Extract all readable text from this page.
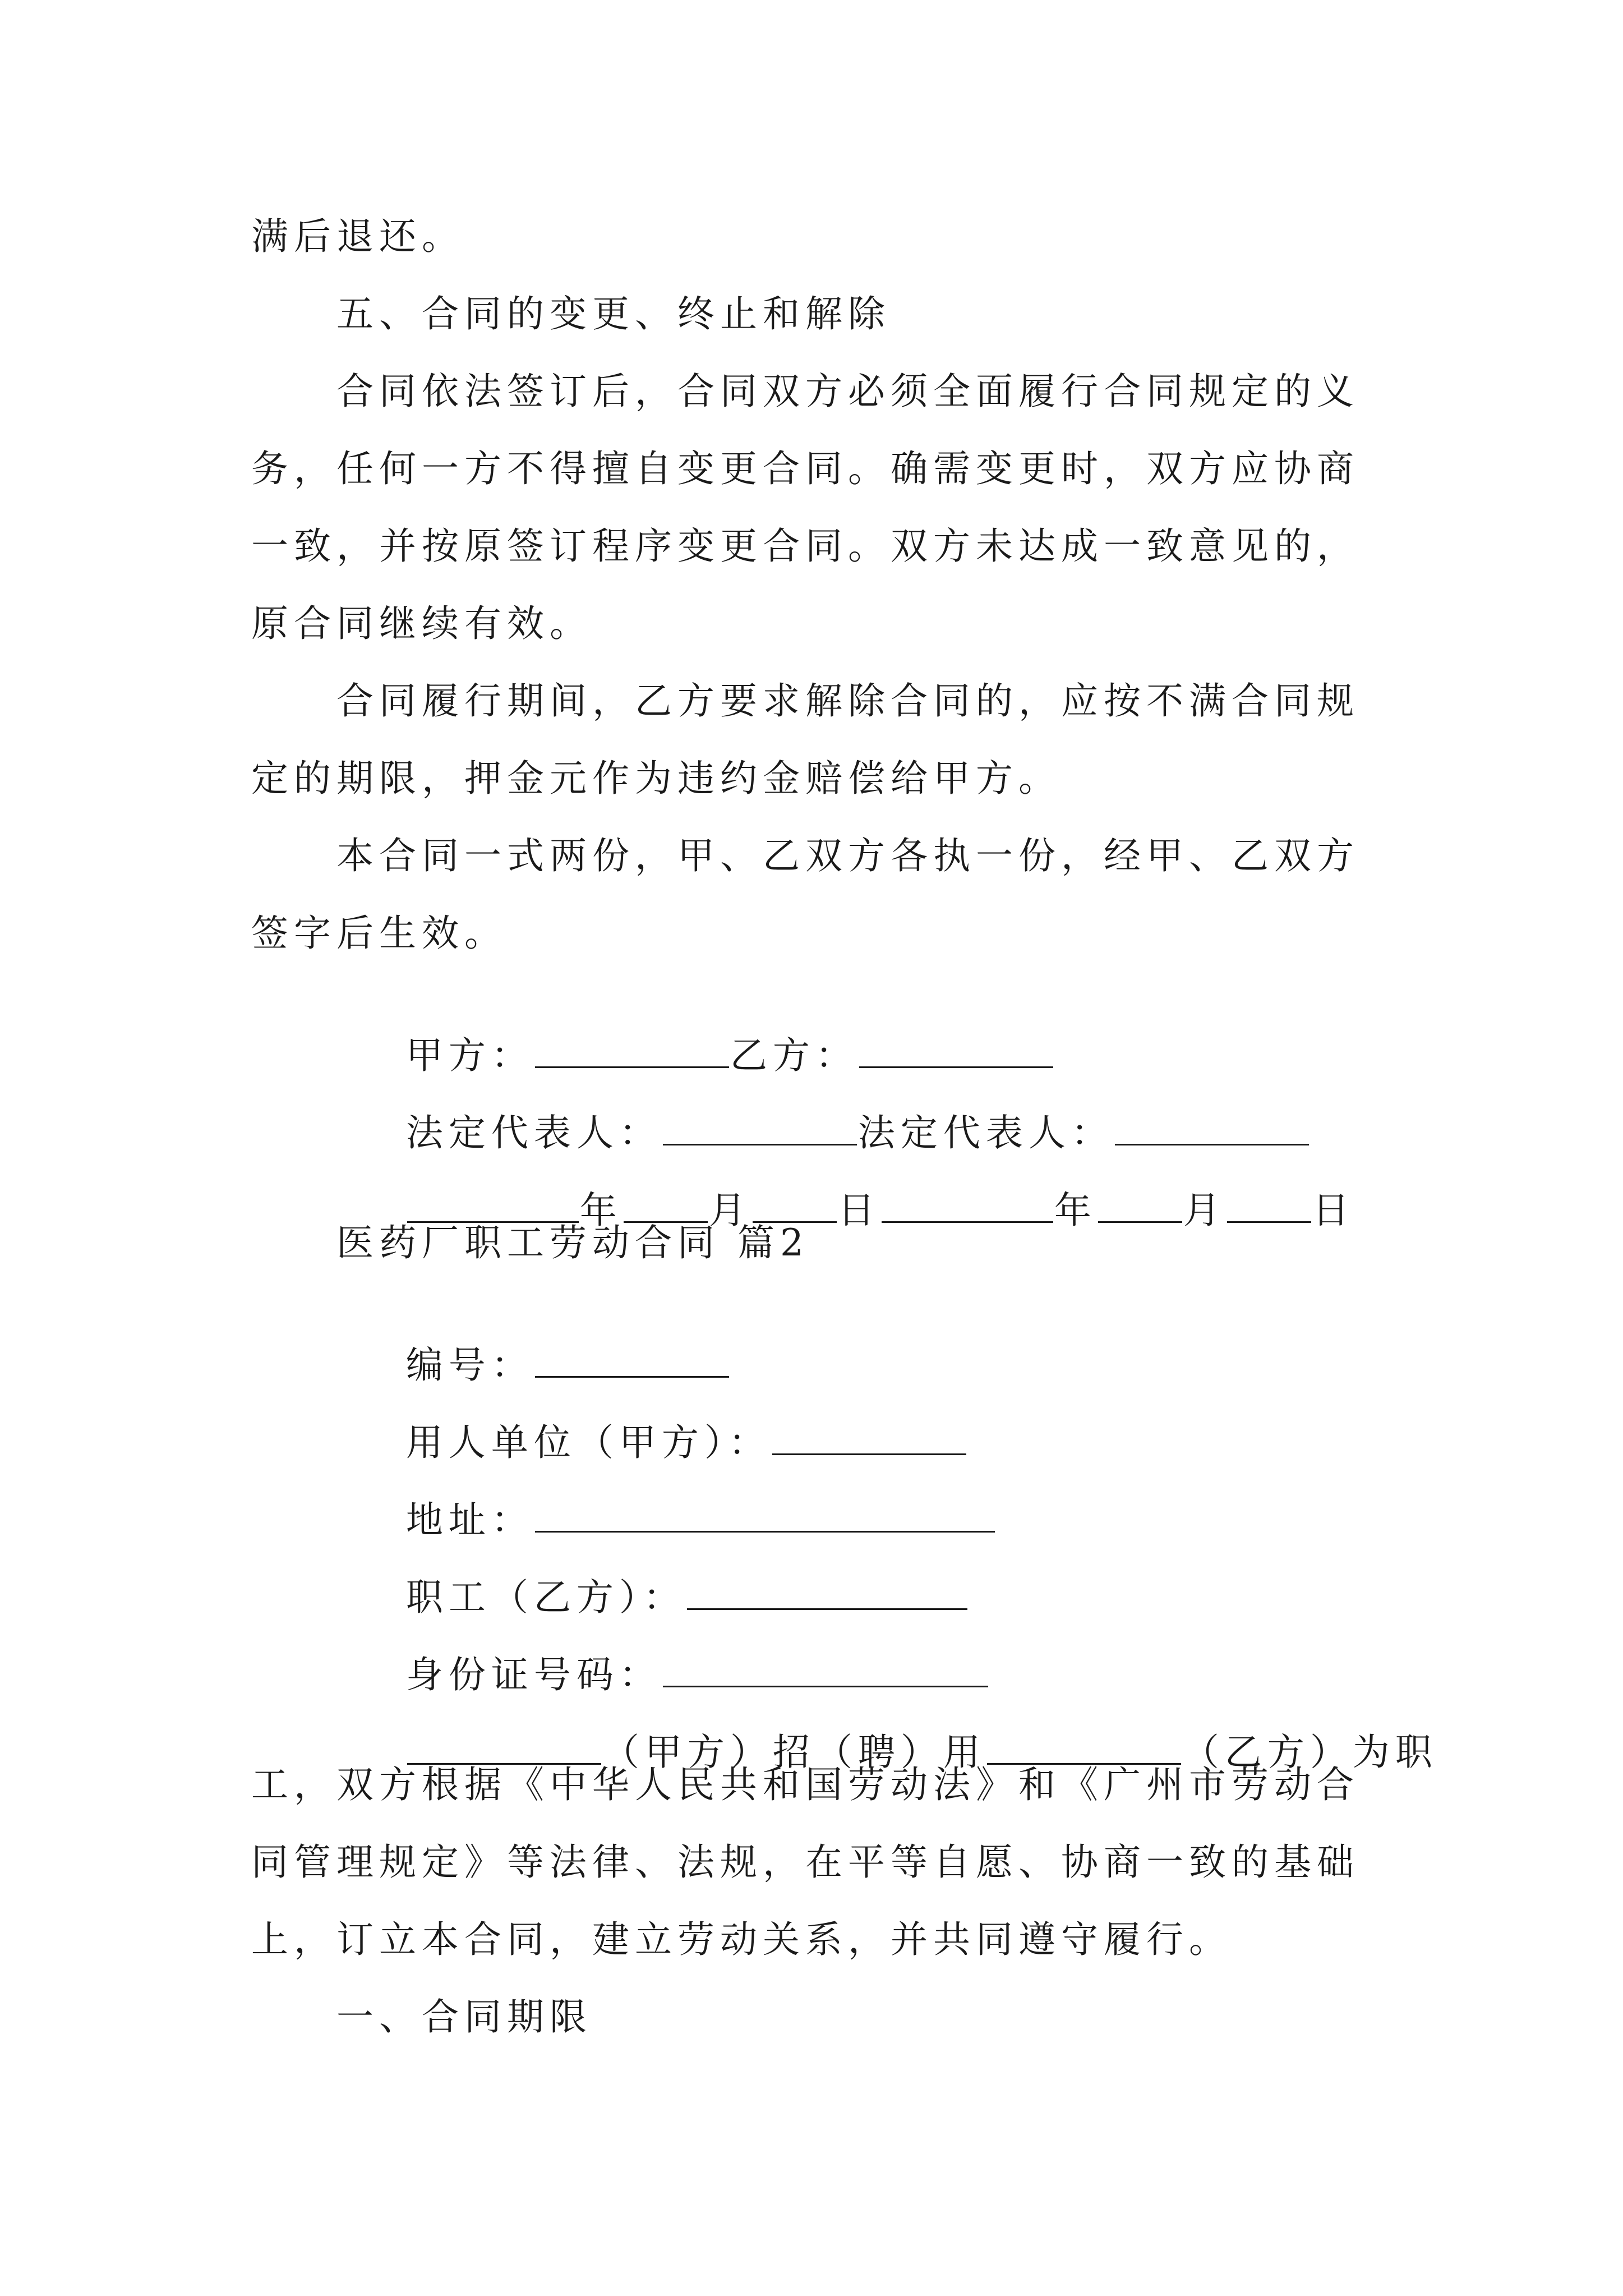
满后退还。
五、合同的变更、终止和解除
合同依法签订后，合同双方必须全面履行合同规定的义
务，任何一方不得擅自变更合同。确需变更时，双方应协商
一致，并按原签订程序变更合同。双方未达成一致意见的，
原合同继续有效。
合同履行期间，乙方要求解除合同的，应按不满合同规
定的期限，押金元作为违约金赔偿给甲方。
本合同一式两份，甲、乙双方各执一份，经甲、乙双方
签字后生效。

甲方：	乙方：

法定代表人：	法定代表人：

年 月 日	年 月 日

医药厂职工劳动合同 篇2

编号：

用人单位（甲方）：

地址：

职工（乙方）：

身份证号码：

（甲方）招（聘）用	（乙方）为职

工，双方根据《中华人民共和国劳动法》和《广州市劳动合
同管理规定》等法律、法规，在平等自愿、协商一致的基础
上，订立本合同，建立劳动关系，并共同遵守履行。
一、合同期限
